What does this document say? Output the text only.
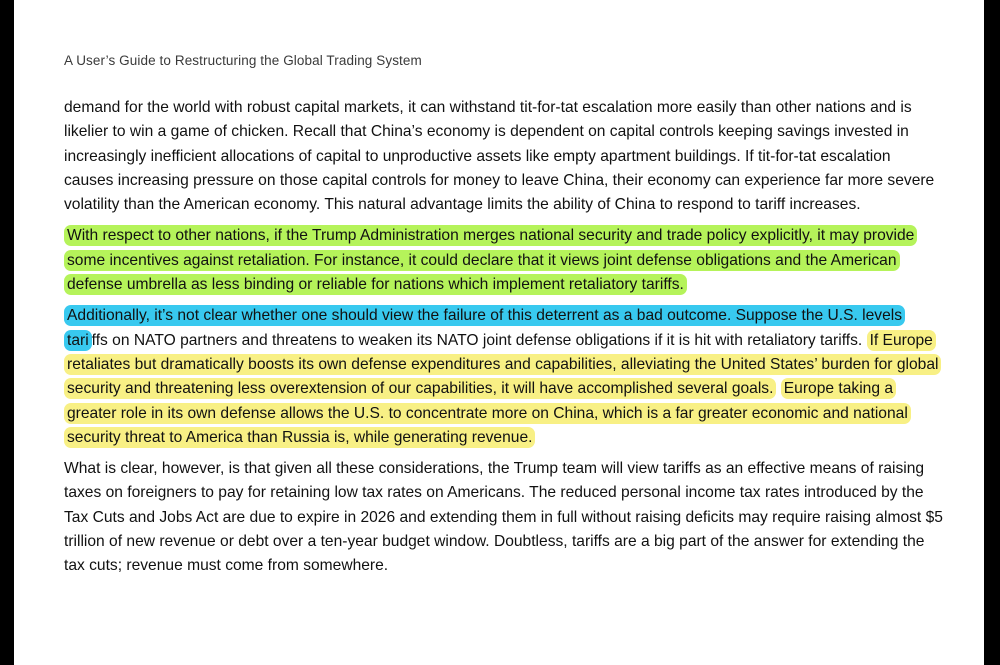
A User’s Guide to Restructuring the Global Trading System

demand for the world with robust capital markets, it can withstand tit-for-tat escalation more easily than other nations and is likelier to win a game of chicken. Recall that China’s economy is dependent on capital controls keeping savings invested in increasingly inefficient allocations of capital to unproductive assets like empty apartment buildings. If tit-for-tat escalation causes increasing pressure on those capital controls for money to leave China, their economy can experience far more severe volatility than the American economy. This natural advantage limits the ability of China to respond to tariff increases.

With respect to other nations, if the Trump Administration merges national security and trade policy explicitly, it may provide some incentives against retaliation. For instance, it could declare that it views joint defense obligations and the American defense umbrella as less binding or reliable for nations which implement retaliatory tariffs.

Additionally, it’s not clear whether one should view the failure of this deterrent as a bad outcome. Suppose the U.S. levels tari ffs on NATO partners and threatens to weaken its NATO joint defense obligations if it is hit with retaliatory tariffs. If Europe retaliates but dramatically boosts its own defense expenditures and capabilities, alleviating the United States’ burden for global security and threatening less overextension of our capabilities, it will have accomplished several goals. Europe taking a greater role in its own defense allows the U.S. to concentrate more on China, which is a far greater economic and national security threat to America than Russia is, while generating revenue.

What is clear, however, is that given all these considerations, the Trump team will view tariffs as an effective means of raising taxes on foreigners to pay for retaining low tax rates on Americans. The reduced personal income tax rates introduced by the Tax Cuts and Jobs Act are due to expire in 2026 and extending them in full without raising deficits may require raising almost $5 trillion of new revenue or debt over a ten-year budget window. Doubtless, tariffs are a big part of the answer for extending the tax cuts; revenue must come from somewhere.
